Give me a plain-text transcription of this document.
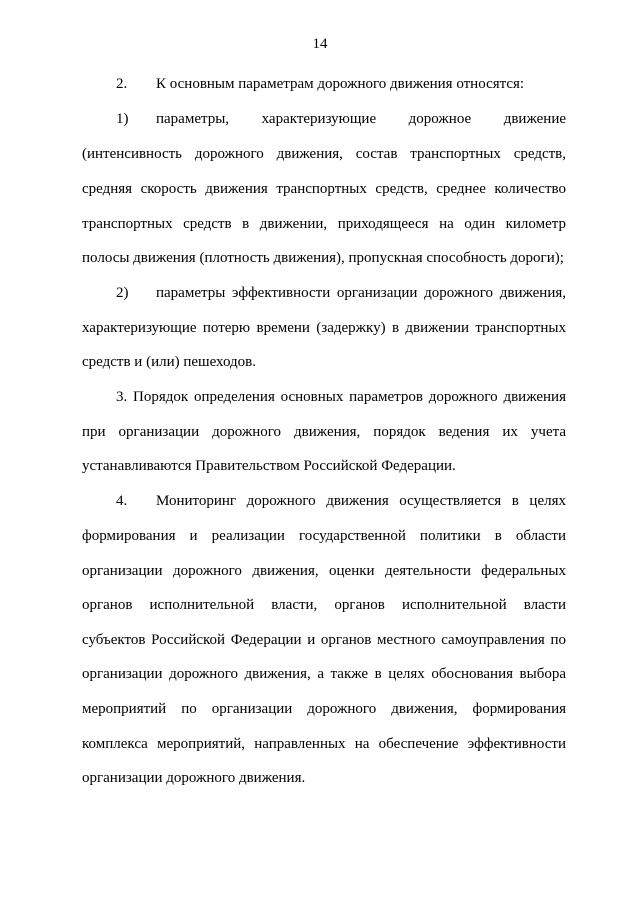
14
2. К основным параметрам дорожного движения относятся:
1) параметры, характеризующие дорожное движение
(интенсивность дорожного движения, состав транспортных средств,
средняя скорость движения транспортных средств, среднее количество
транспортных средств в движении, приходящееся на один километр
полосы движения (плотность движения), пропускная способность дороги);
2) параметры эффективности организации дорожного движения,
характеризующие потерю времени (задержку) в движении транспортных
средств и (или) пешеходов.
3. Порядок определения основных параметров дорожного движения
при организации дорожного движения, порядок ведения их учета
устанавливаются Правительством Российской Федерации.
4. Мониторинг дорожного движения осуществляется в целях
формирования и реализации государственной политики в области
организации дорожного движения, оценки деятельности федеральных
органов исполнительной власти, органов исполнительной власти
субъектов Российской Федерации и органов местного самоуправления по
организации дорожного движения, а также в целях обоснования выбора
мероприятий по организации дорожного движения, формирования
комплекса мероприятий, направленных на обеспечение эффективности
организации дорожного движения.
